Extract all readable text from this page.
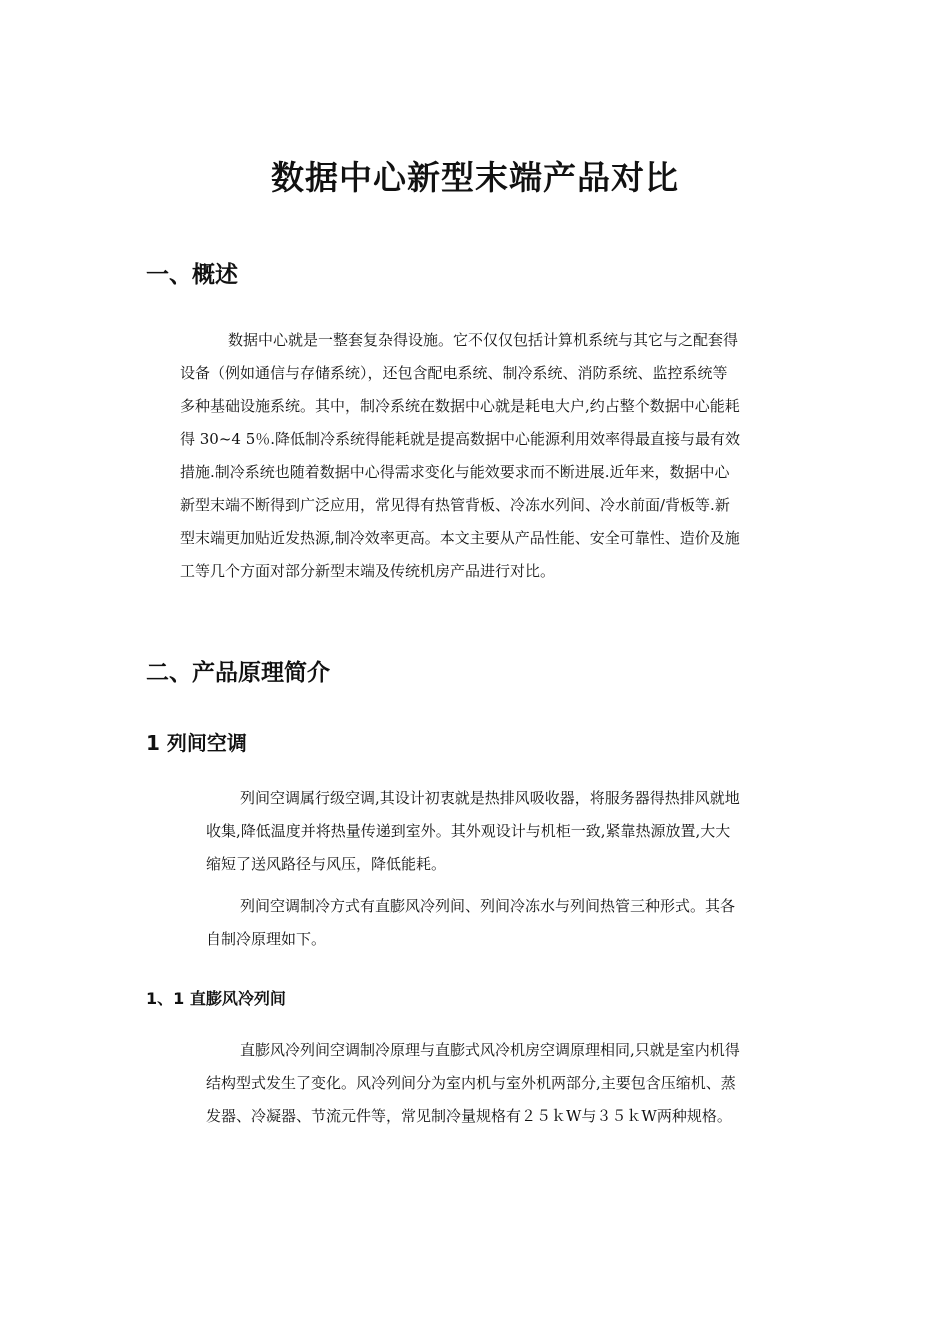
数据中心新型末端产品对比
一、概述
数据中心就是一整套复杂得设施。它不仅仅包括计算机系统与其它与之配套得
设备（例如通信与存储系统），还包含配电系统、制冷系统、消防系统、监控系统等
多种基础设施系统。其中，制冷系统在数据中心就是耗电大户,约占整个数据中心能耗
得 30~4 5％.降低制冷系统得能耗就是提高数据中心能源利用效率得最直接与最有效
措施.制冷系统也随着数据中心得需求变化与能效要求而不断进展.近年来，数据中心
新型末端不断得到广泛应用，常见得有热管背板、冷冻水列间、冷水前面/背板等.新
型末端更加贴近发热源,制冷效率更高。本文主要从产品性能、安全可靠性、造价及施
工等几个方面对部分新型末端及传统机房产品进行对比。
二、产品原理简介
1 列间空调
列间空调属行级空调,其设计初衷就是热排风吸收器，将服务器得热排风就地
收集,降低温度并将热量传递到室外。其外观设计与机柜一致,紧靠热源放置,大大
缩短了送风路径与风压，降低能耗。
列间空调制冷方式有直膨风冷列间、列间冷冻水与列间热管三种形式。其各
自制冷原理如下。
1、1 直膨风冷列间
直膨风冷列间空调制冷原理与直膨式风冷机房空调原理相同,只就是室内机得
结构型式发生了变化。风冷列间分为室内机与室外机两部分,主要包含压缩机、蒸
发器、冷凝器、节流元件等，常见制冷量规格有２５ｋW与３５ｋW两种规格。
